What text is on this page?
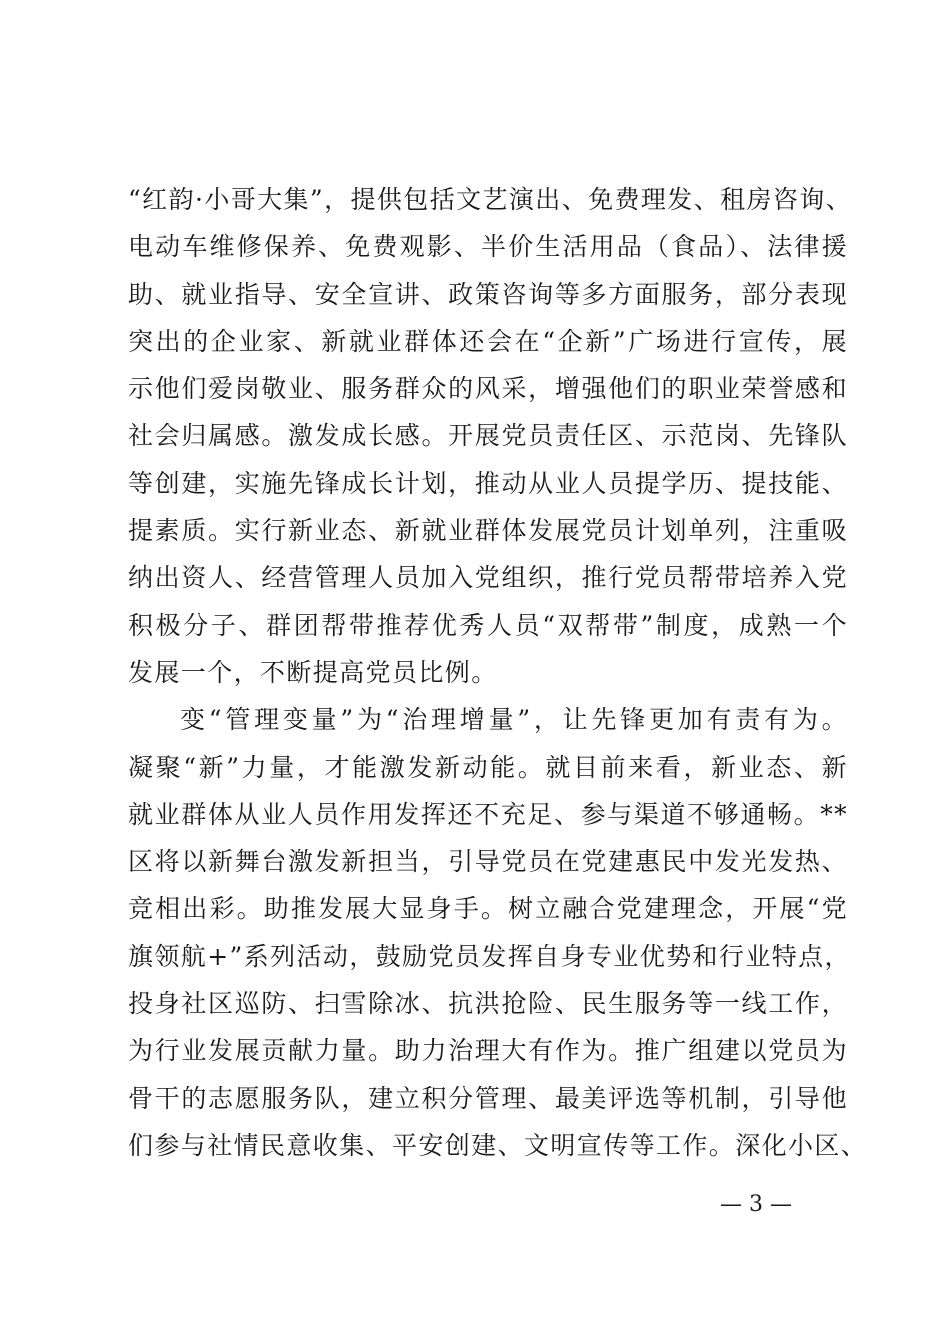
“红韵·小哥大集”，提供包括文艺演出、免费理发、租房咨询、
电动车维修保养、免费观影、半价生活用品（食品）、法律援
助、就业指导、安全宣讲、政策咨询等多方面服务，部分表现
突出的企业家、新就业群体还会在“企新”广场进行宣传，展
示他们爱岗敬业、服务群众的风采，增强他们的职业荣誉感和
社会归属感。激发成长感。开展党员责任区、示范岗、先锋队
等创建，实施先锋成长计划，推动从业人员提学历、提技能、
提素质。实行新业态、新就业群体发展党员计划单列，注重吸
纳出资人、经营管理人员加入党组织，推行党员帮带培养入党
积极分子、群团帮带推荐优秀人员“双帮带”制度，成熟一个
发展一个，不断提高党员比例。
变“管理变量”为“治理增量”，让先锋更加有责有为。
凝聚“新”力量，才能激发新动能。就目前来看，新业态、新
就业群体从业人员作用发挥还不充足、参与渠道不够通畅。**
区将以新舞台激发新担当，引导党员在党建惠民中发光发热、
竞相出彩。助推发展大显身手。树立融合党建理念，开展“党
旗领航+”系列活动，鼓励党员发挥自身专业优势和行业特点，
投身社区巡防、扫雪除冰、抗洪抢险、民生服务等一线工作，
为行业发展贡献力量。助力治理大有作为。推广组建以党员为
骨干的志愿服务队，建立积分管理、最美评选等机制，引导他
们参与社情民意收集、平安创建、文明宣传等工作。深化小区、
— 3 —
